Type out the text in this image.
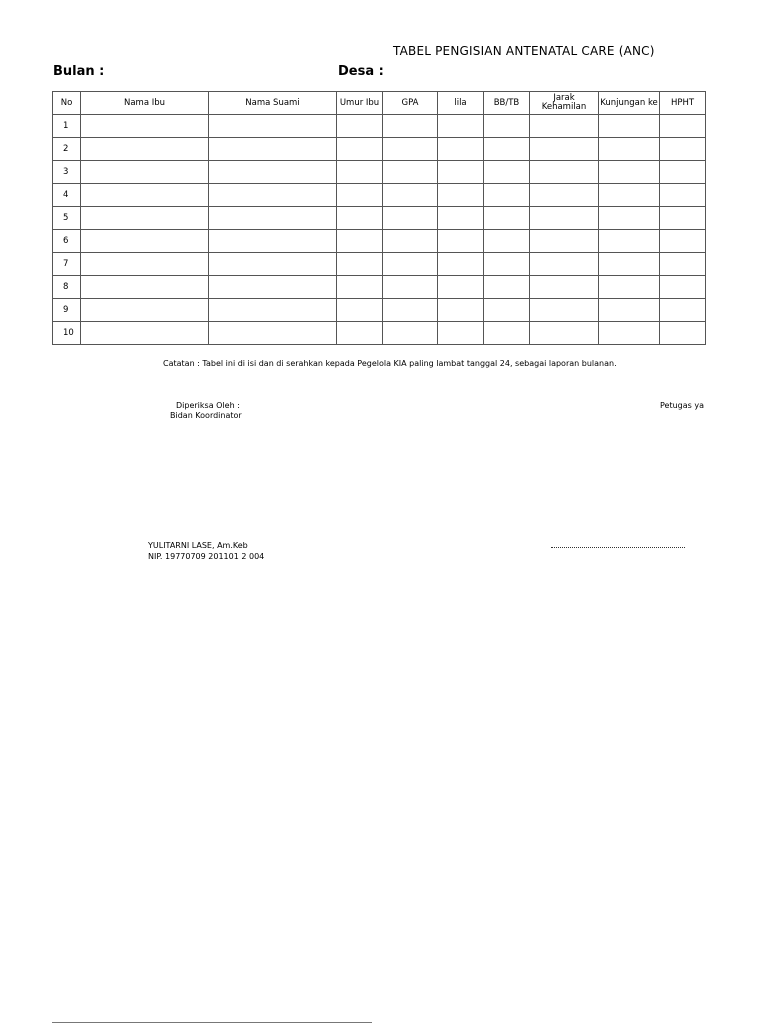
TABEL PENGISIAN ANTENATAL CARE (ANC)
Bulan :	Desa :
No	Nama Ibu	Nama Suami	Umur Ibu	GPA	lila	BB/TB	Jarak Kehamilan	Kunjungan ke	HPHT
1									
2									
3									
4									
5									
6									
7									
8									
9									
10									
Catatan : Tabel ini di isi dan di serahkan kepada Pegelola KIA paling lambat tanggal 24, sebagai laporan bulanan.
Diperiksa Oleh :
Bidan Koordinator
Petugas ya
YULITARNI LASE, Am.Keb
NIP. 19770709 201101 2 004
